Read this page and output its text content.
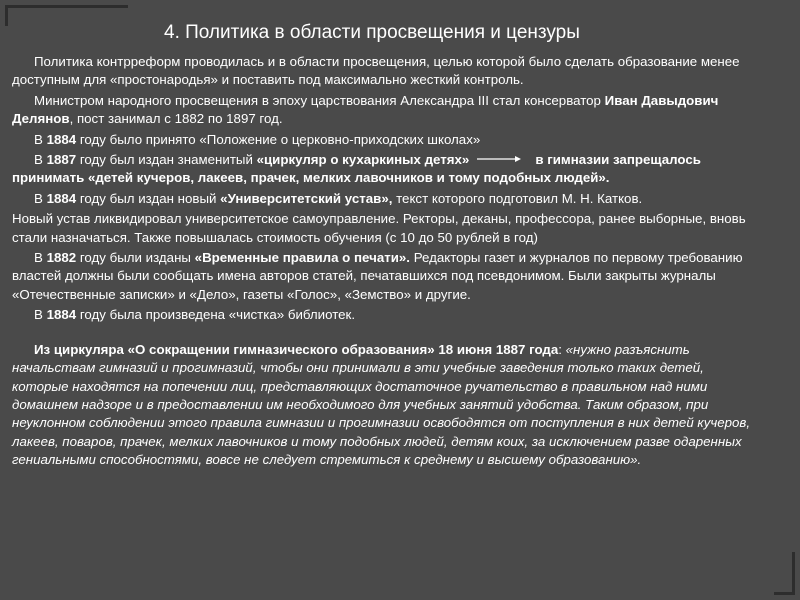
4. Политика в области просвещения и цензуры

Политика контрреформ проводилась и в области просвещения, целью которой было сделать образование менее доступным для «простонародья» и поставить под максимально жесткий контроль.

Министром народного просвещения в эпоху царствования Александра III стал консерватор Иван Давыдович Делянов, пост занимал с 1882 по 1897 год.

В 1884 году было принято «Положение о церковно-приходских школах»

В 1887 году был издан знаменитый «циркуляр о кухаркиных детях»	в гимназии запрещалось принимать «детей кучеров, лакеев, прачек, мелких лавочников и тому подобных людей».

В 1884 году был издан новый «Университетский устав», текст которого подготовил М. Н. Катков.

Новый устав ликвидировал университетское самоуправление. Ректоры, деканы, профессора, ранее выборные, вновь стали назначаться. Также повышалась стоимость обучения (с 10 до 50 рублей в год)

В 1882 году были изданы «Временные правила о печати». Редакторы газет и журналов по первому требованию властей должны были сообщать имена авторов статей, печатавшихся под псевдонимом. Были закрыты журналы «Отечественные записки» и «Дело», газеты «Голос», «Земство» и другие.

В 1884 году была произведена «чистка» библиотек.

Из циркуляра «О сокращении гимназического образования» 18 июня 1887 года: «нужно разъяснить начальствам гимназий и прогимназий, чтобы они принимали в эти учебные заведения только таких детей, которые находятся на попечении лиц, представляющих достаточное ручательство в правильном над ними домашнем надзоре и в предоставлении им необходимого для учебных занятий удобства. Таким образом, при неуклонном соблюдении этого правила гимназии и прогимназии освободятся от поступления в них детей кучеров, лакеев, поваров, прачек, мелких лавочников и тому подобных людей, детям коих, за исключением разве одаренных гениальными способностями, вовсе не следует стремиться к среднему и высшему образованию».
